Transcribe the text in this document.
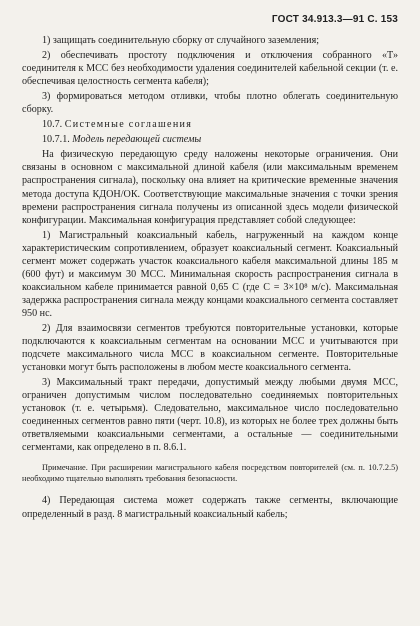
ГОСТ 34.913.3—91 С. 153

1) защищать соединительную сборку от случайного заземления;

2) обеспечивать простоту подключения и отключения собранного «Т» соединителя к МСС без необходимости удаления соединителей кабельной секции (т. е. обеспечивая целостность сегмента кабеля);

3) формироваться методом отливки, чтобы плотно облегать соединительную сборку.

10.7. Системные соглашения

10.7.1. Модель передающей системы

На физическую передающую среду наложены некоторые ограничения. Они связаны в основном с максимальной длиной кабеля (или максимальным временем распространения сигнала), поскольку она влияет на критические временные значения метода доступа КДОН/ОК. Соответствующие максимальные значения с точки зрения времени распространения сигнала получены из описанной здесь модели физической конфигурации. Максимальная конфигурация представляет собой следующее:

1) Магистральный коаксиальный кабель, нагруженный на каждом конце характеристическим сопротивлением, образует коаксиальный сегмент. Коаксиальный сегмент может содержать участок коаксиального кабеля максимальной длины 185 м (600 фут) и максимум 30 МСС. Минимальная скорость распространения сигнала в коаксиальном кабеле принимается равной 0,65 C (где C = 3×10⁸ м/с). Максимальная задержка распространения сигнала между концами коаксиального сегмента составляет 950 нс.

2) Для взаимосвязи сегментов требуются повторительные установки, которые подключаются к коаксиальным сегментам на основании МСС и учитываются при подсчете максимального числа МСС в коаксиальном сегменте. Повторительные установки могут быть расположены в любом месте коаксиального сегмента.

3) Максимальный тракт передачи, допустимый между любыми двумя МСС, ограничен допустимым числом последовательно соединяемых повторительных установок (т. е. четырьмя). Следовательно, максимальное число последовательно соединенных сегментов равно пяти (черт. 10.8), из которых не более трех должны быть ответвляемыми коаксиальными сегментами, а остальные — соединительными сегментами, как определено в п. 8.6.1.

Примечание. При расширении магистрального кабеля посредством повторителей (см. п. 10.7.2.5) необходимо тщательно выполнять требования безопасности.

4) Передающая система может содержать также сегменты, включающие определенный в разд. 8 магистральный коаксиальный кабель;
